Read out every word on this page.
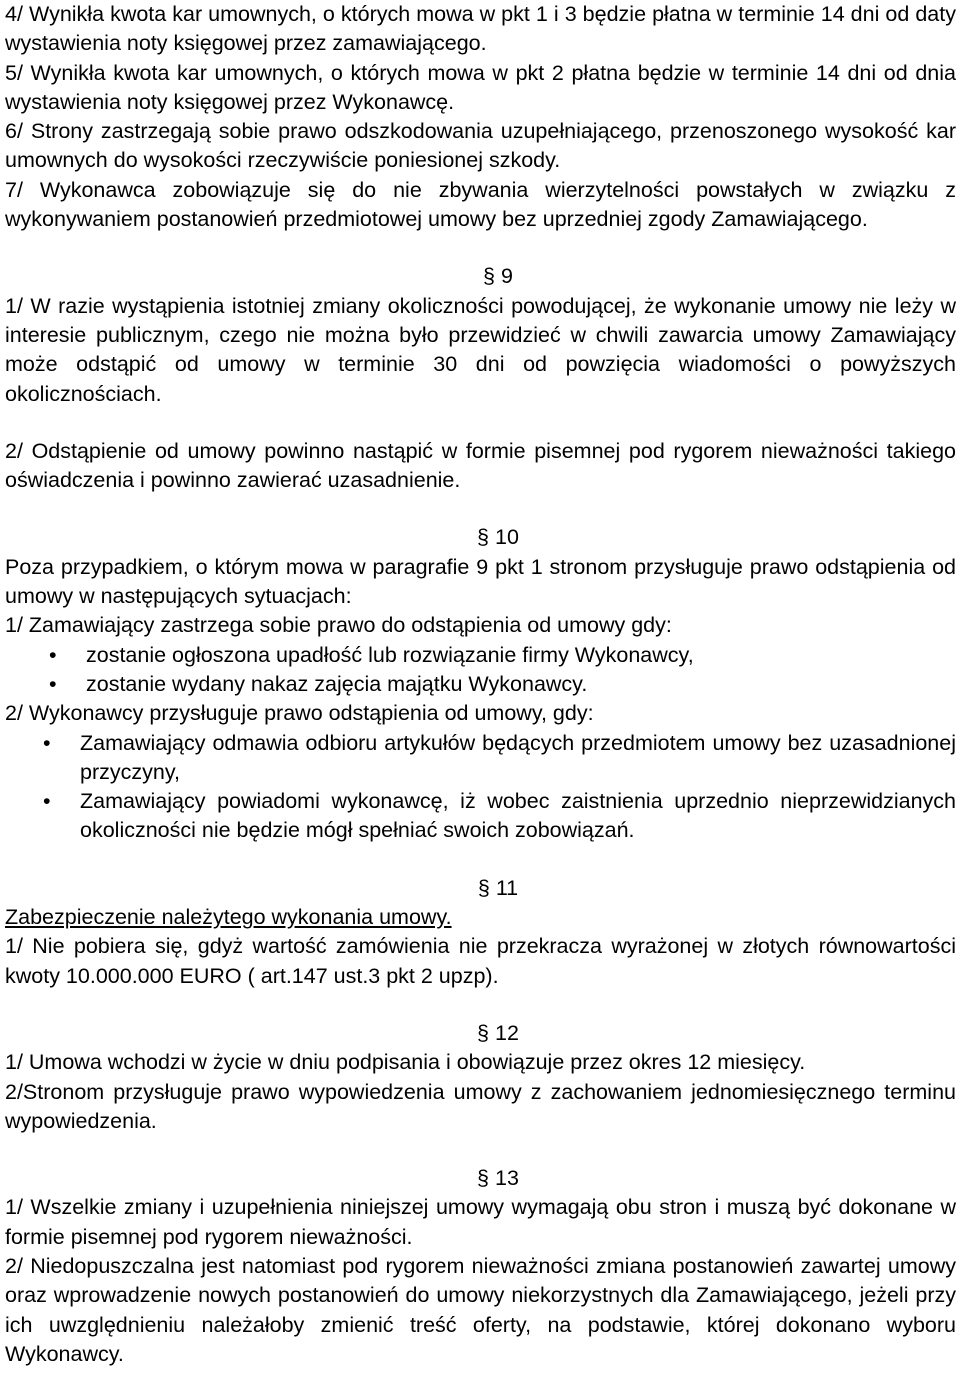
4/ Wynikła kwota kar umownych, o których mowa w pkt 1 i 3 będzie płatna w terminie 14 dni od daty wystawienia noty księgowej przez zamawiającego.

5/ Wynikła kwota kar umownych, o których mowa w pkt 2 płatna będzie w terminie 14 dni od dnia wystawienia noty księgowej przez Wykonawcę.

6/ Strony zastrzegają sobie prawo odszkodowania uzupełniającego, przenoszonego wysokość kar umownych do wysokości rzeczywiście poniesionej szkody.

7/ Wykonawca zobowiązuje się do nie zbywania wierzytelności powstałych w związku z wykonywaniem postanowień przedmiotowej umowy bez uprzedniej zgody Zamawiającego.

§ 9

1/ W razie wystąpienia istotniej zmiany okoliczności powodującej, że wykonanie umowy nie leży w interesie publicznym, czego nie można było przewidzieć w chwili zawarcia umowy Zamawiający może odstąpić od umowy w terminie 30 dni od powzięcia wiadomości o powyższych okolicznościach.

2/ Odstąpienie od umowy powinno nastąpić w formie pisemnej pod rygorem nieważności takiego oświadczenia i powinno zawierać uzasadnienie.

§ 10

Poza przypadkiem, o którym mowa w paragrafie 9 pkt 1 stronom przysługuje prawo odstąpienia od umowy w następujących sytuacjach:

1/ Zamawiający zastrzega sobie prawo do odstąpienia od umowy gdy:

• zostanie ogłoszona upadłość lub rozwiązanie firmy Wykonawcy,
• zostanie wydany nakaz zajęcia majątku Wykonawcy.

2/ Wykonawcy przysługuje prawo odstąpienia od umowy, gdy:

• Zamawiający odmawia odbioru artykułów będących przedmiotem umowy bez uzasadnionej przyczyny,
• Zamawiający powiadomi wykonawcę, iż wobec zaistnienia uprzednio nieprzewidzianych okoliczności nie będzie mógł spełniać swoich zobowiązań.

§ 11

Zabezpieczenie należytego wykonania umowy.

1/ Nie pobiera się, gdyż wartość zamówienia nie przekracza wyrażonej w złotych równowartości kwoty 10.000.000 EURO ( art.147 ust.3 pkt 2 upzp).

§ 12

1/ Umowa wchodzi w życie w dniu podpisania i obowiązuje przez okres 12 miesięcy.

2/Stronom przysługuje prawo wypowiedzenia umowy z zachowaniem jednomiesięcznego terminu wypowiedzenia.

§ 13

1/ Wszelkie zmiany i uzupełnienia niniejszej umowy wymagają obu stron i muszą być dokonane w formie pisemnej pod rygorem nieważności.

2/ Niedopuszczalna jest natomiast pod rygorem nieważności zmiana postanowień zawartej umowy oraz wprowadzenie nowych postanowień do umowy niekorzystnych dla Zamawiającego, jeżeli przy ich uwzględnieniu należałoby zmienić treść oferty, na podstawie, której dokonano wyboru Wykonawcy.
